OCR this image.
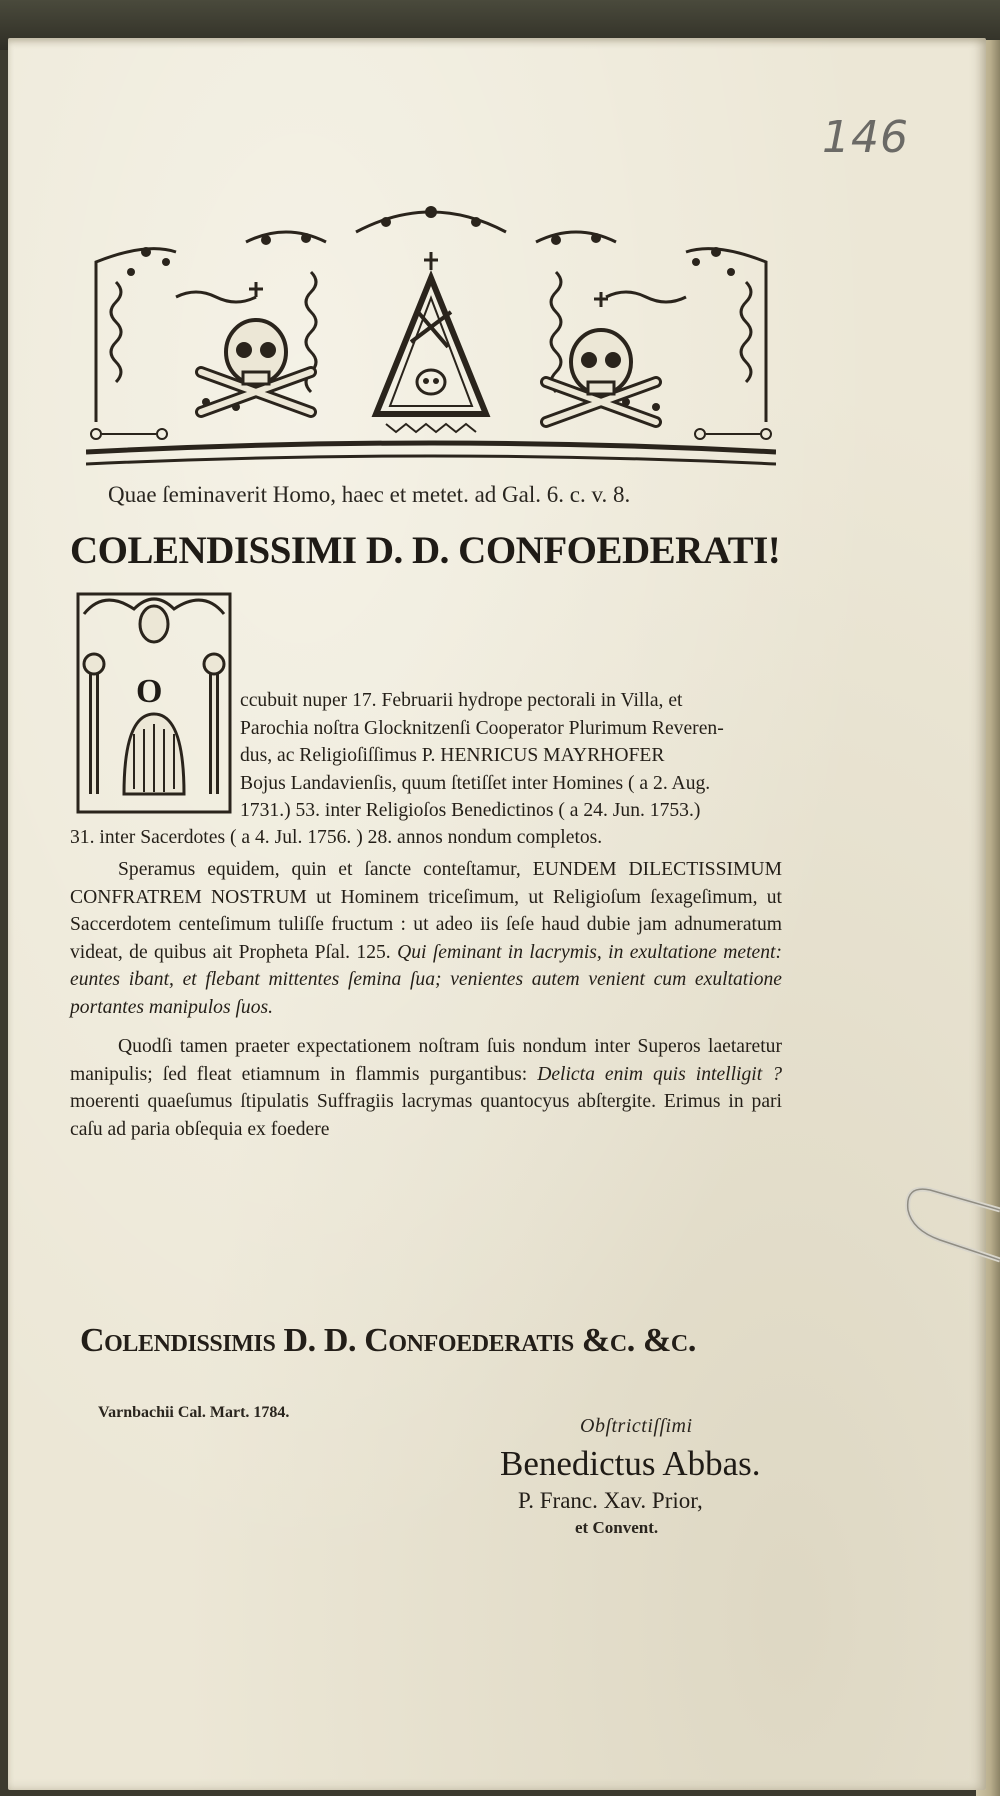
146
Quae ſeminaverit Homo, haec et metet. ad Gal. 6. c. v. 8.
COLENDISSIMI D. D. CONFOEDERATI!
O	ccubuit nuper 17. Februarii hydrope pectorali in Villa, et
Parochia noſtra Glocknitzenſi Cooperator Plurimum Reveren-
dus, ac Religioſiſſimus P. HENRICUS MAYRHOFER
Bojus Landavienſis, quum ſtetiſſet inter Homines ( a 2. Aug.
1731.) 53. inter Religioſos Benedictinos ( a 24. Jun. 1753.)
31. inter Sacerdotes ( a 4. Jul. 1756. ) 28. annos nondum completos.
Speramus equidem, quin et ſancte conteſtamur, EUNDEM DILECTISSIMUM CONFRATREM NOSTRUM ut Hominem triceſimum, ut Religioſum ſexageſimum, ut Saccerdotem centeſimum tuliſſe fructum : ut adeo iis ſeſe haud dubie jam adnumeratum videat, de quibus ait Propheta Pſal. 125. Qui ſeminant in lacrymis, in exultatione metent: euntes ibant, et flebant mittentes ſemina ſua; venientes autem venient cum exultatione portantes manipulos ſuos.
Quodſi tamen praeter expectationem noſtram ſuis nondum inter Superos laetaretur manipulis; ſed fleat etiamnum in flammis purgantibus: Delicta enim quis intelligit ? moerenti quaeſumus ſtipulatis Suffragiis lacrymas quantocyus abſtergite. Erimus in pari caſu ad paria obſequia ex foedere
Colendissimis D. D. Confoederatis &c. &c.
Varnbachii Cal. Mart. 1784.
Obſtrictiſſimi
Benedictus Abbas.
P. Franc. Xav. Prior,
et Convent.
